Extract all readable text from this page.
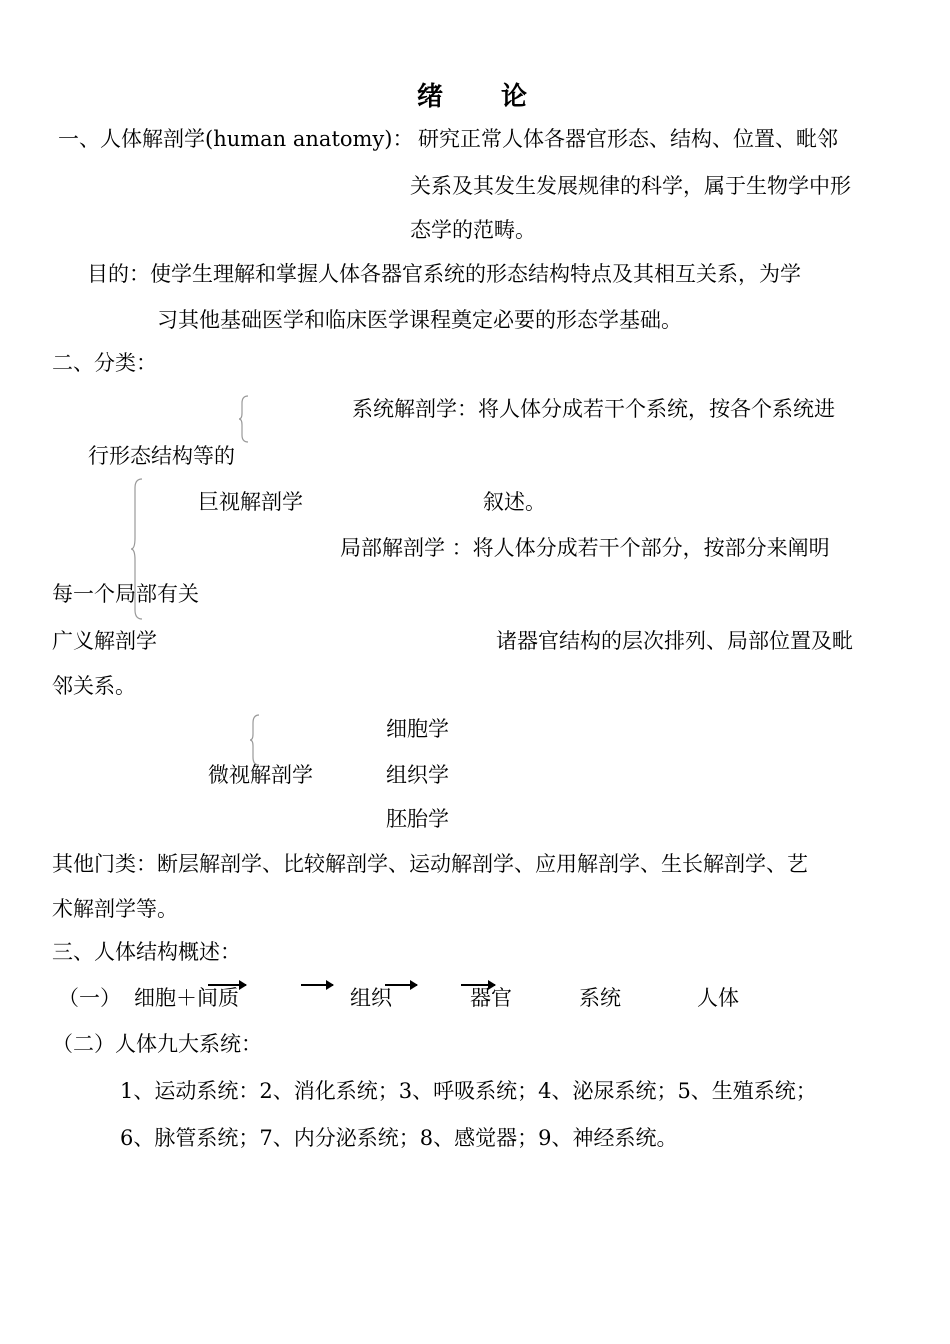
绪　　论
一、人体解剖学(human anatomy)： 研究正常人体各器官形态、结构、位置、毗邻
关系及其发生发展规律的科学，属于生物学中形
态学的范畴。
目的：使学生理解和掌握人体各器官系统的形态结构特点及其相互关系，为学
习其他基础医学和临床医学课程奠定必要的形态学基础。
二、分类：
系统解剖学：将人体分成若干个系统，按各个系统进
行形态结构等的
巨视解剖学	叙述。
局部解剖学 ：将人体分成若干个部分，按部分来阐明
每一个局部有关
广义解剖学	诸器官结构的层次排列、局部位置及毗
邻关系。
细胞学
微视解剖学	组织学
胚胎学
其他门类：断层解剖学、比较解剖学、运动解剖学、应用解剖学、生长解剖学、艺
术解剖学等。
三、人体结构概述：
（一） 细胞＋间质	组织	器官	系统	人体
（二）人体九大系统：
1、运动系统：2、消化系统；3、呼吸系统；4、泌尿系统；5、生殖系统；
6、脉管系统；7、内分泌系统；8、感觉器；9、神经系统。
